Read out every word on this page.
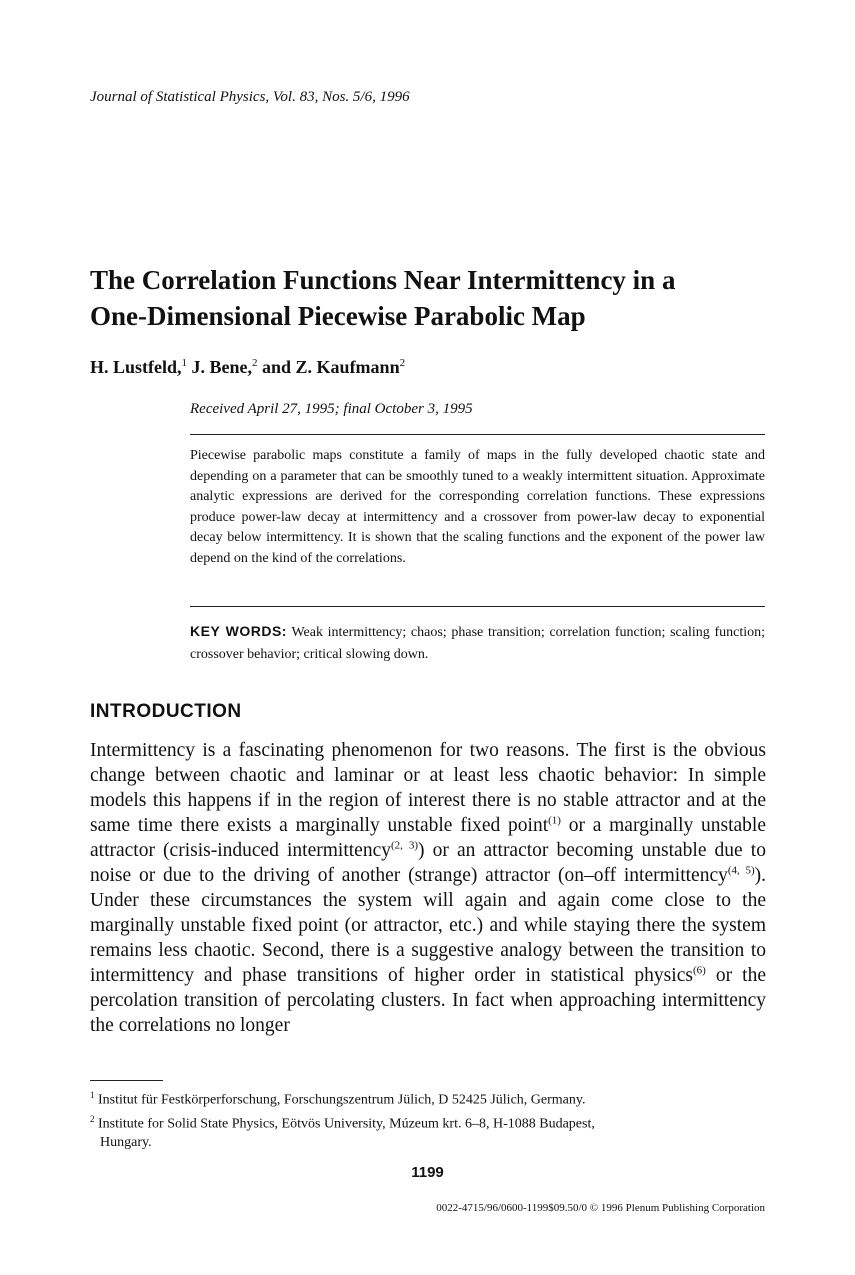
Journal of Statistical Physics, Vol. 83, Nos. 5/6, 1996
The Correlation Functions Near Intermittency in a
One-Dimensional Piecewise Parabolic Map
H. Lustfeld,$^1$ J. Bene,$^2$ and Z. Kaufmann$^2$
Received April 27, 1995; final October 3, 1995
Piecewise parabolic maps constitute a family of maps in the fully developed chaotic state and depending on a parameter that can be smoothly tuned to a weakly intermittent situation. Approximate analytic expressions are derived for the corresponding correlation functions. These expressions produce power-law decay at intermittency and a crossover from power-law decay to exponential decay below intermittency. It is shown that the scaling functions and the exponent of the power law depend on the kind of the correlations.
KEY WORDS: Weak intermittency; chaos; phase transition; correlation function; scaling function; crossover behavior; critical slowing down.
INTRODUCTION
Intermittency is a fascinating phenomenon for two reasons. The first is the obvious change between chaotic and laminar or at least less chaotic behavior: In simple models this happens if in the region of interest there is no stable attractor and at the same time there exists a marginally unstable fixed point$^{(1)}$ or a marginally unstable attractor (crisis-induced intermittency$^{(2, 3)}$) or an attractor becoming unstable due to noise or due to the driving of another (strange) attractor (on–off intermittency$^{(4, 5)}$). Under these circumstances the system will again and again come close to the marginally unstable fixed point (or attractor, etc.) and while staying there the system remains less chaotic. Second, there is a suggestive analogy between the transition to intermittency and phase transitions of higher order in statistical physics$^{(6)}$ or the percolation transition of percolating clusters. In fact when approaching intermittency the correlations no longer
$^1$ Institut für Festkörperforschung, Forschungszentrum Jülich, D 52425 Jülich, Germany.
$^2$ Institute for Solid State Physics, Eötvös University, Múzeum krt. 6–8, H-1088 Budapest,
Hungary.
1199
0022-4715/96/0600-1199$09.50/0 © 1996 Plenum Publishing Corporation
